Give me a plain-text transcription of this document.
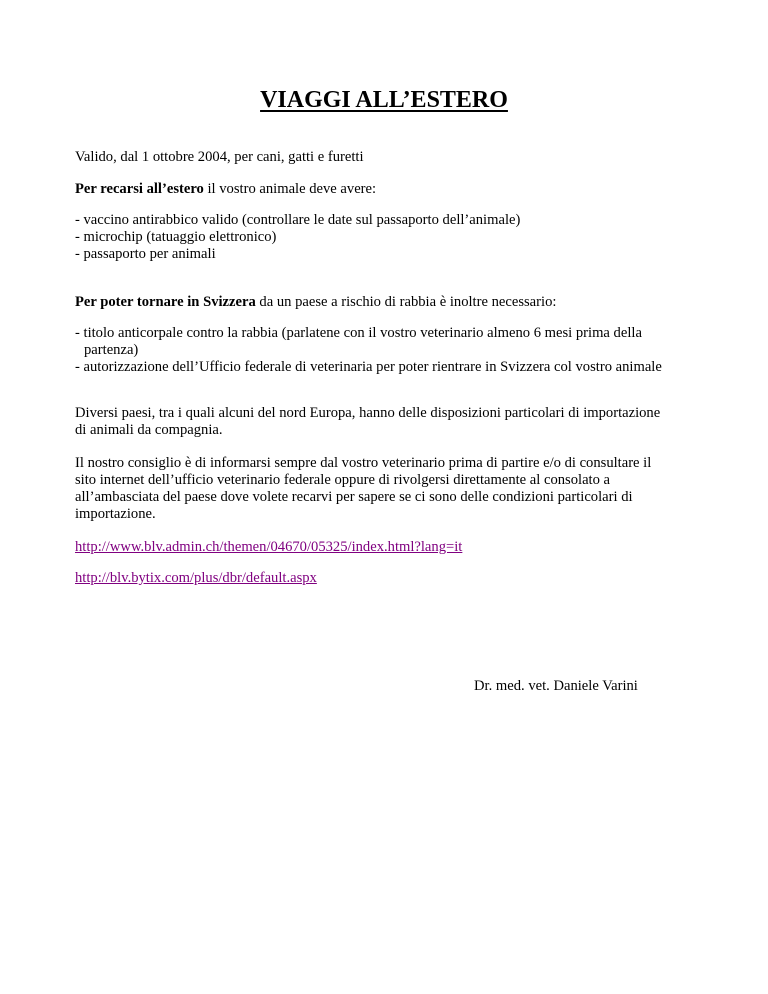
VIAGGI ALL’ESTERO

Valido, dal 1 ottobre 2004, per cani, gatti e furetti

Per recarsi all’estero il vostro animale deve avere:

- vaccino antirabbico valido (controllare le date sul passaporto dell’animale)
- microchip (tatuaggio elettronico)
- passaporto per animali

Per poter tornare in Svizzera da un paese a rischio di rabbia è inoltre necessario:

- titolo anticorpale contro la rabbia (parlatene con il vostro veterinario almeno 6 mesi prima della partenza)
- autorizzazione dell’Ufficio federale di veterinaria per poter rientrare in Svizzera col vostro animale

Diversi paesi, tra i quali alcuni del nord Europa, hanno delle disposizioni particolari di importazione di animali da compagnia.

Il nostro consiglio è di informarsi sempre dal vostro veterinario prima di partire e/o di consultare il sito internet dell’ufficio veterinario federale oppure di rivolgersi direttamente al consolato a all’ambasciata del paese dove volete recarvi per sapere se ci sono delle condizioni particolari di importazione.

http://www.blv.admin.ch/themen/04670/05325/index.html?lang=it

http://blv.bytix.com/plus/dbr/default.aspx

Dr. med. vet. Daniele Varini
